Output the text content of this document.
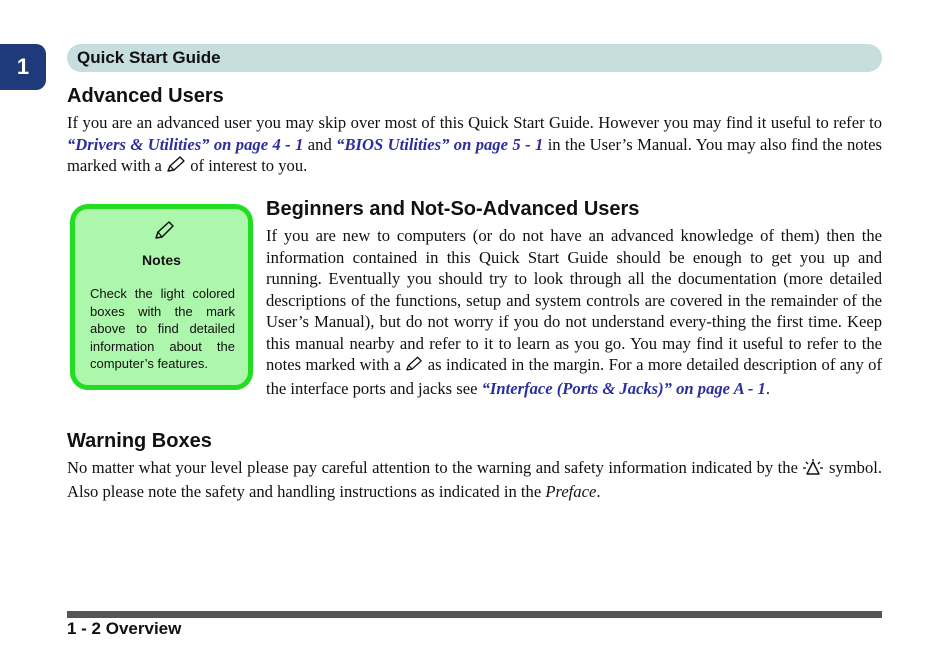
1	Quick Start Guide
Advanced Users

If you are an advanced user you may skip over most of this Quick Start Guide. However you may find it useful to refer to “Drivers & Utilities” on page 4 - 1 and “BIOS Utilities” on page 5 - 1 in the User’s Manual. You may also find the notes marked with a  of interest to you.

Notes
Check the light colored boxes with the mark above to find detailed information about the computer’s features.
Beginners and Not-So-Advanced Users

If you are new to computers (or do not have an advanced knowledge of them) then the information contained in this Quick Start Guide should be enough to get you up and running. Eventually you should try to look through all the documentation (more detailed descriptions of the functions, setup and system controls are covered in the remainder of the User’s Manual), but do not worry if you do not understand every-thing the first time. Keep this manual nearby and refer to it to learn as you go. You may find it useful to refer to the notes marked with a  as indicated in the margin. For a more detailed description of any of the interface ports and jacks see “Interface (Ports & Jacks)” on page A - 1.

Warning Boxes

No matter what your level please pay careful attention to the warning and safety information indicated by the  symbol. Also please note the safety and handling instructions as indicated in the Preface.

1 - 2 Overview
